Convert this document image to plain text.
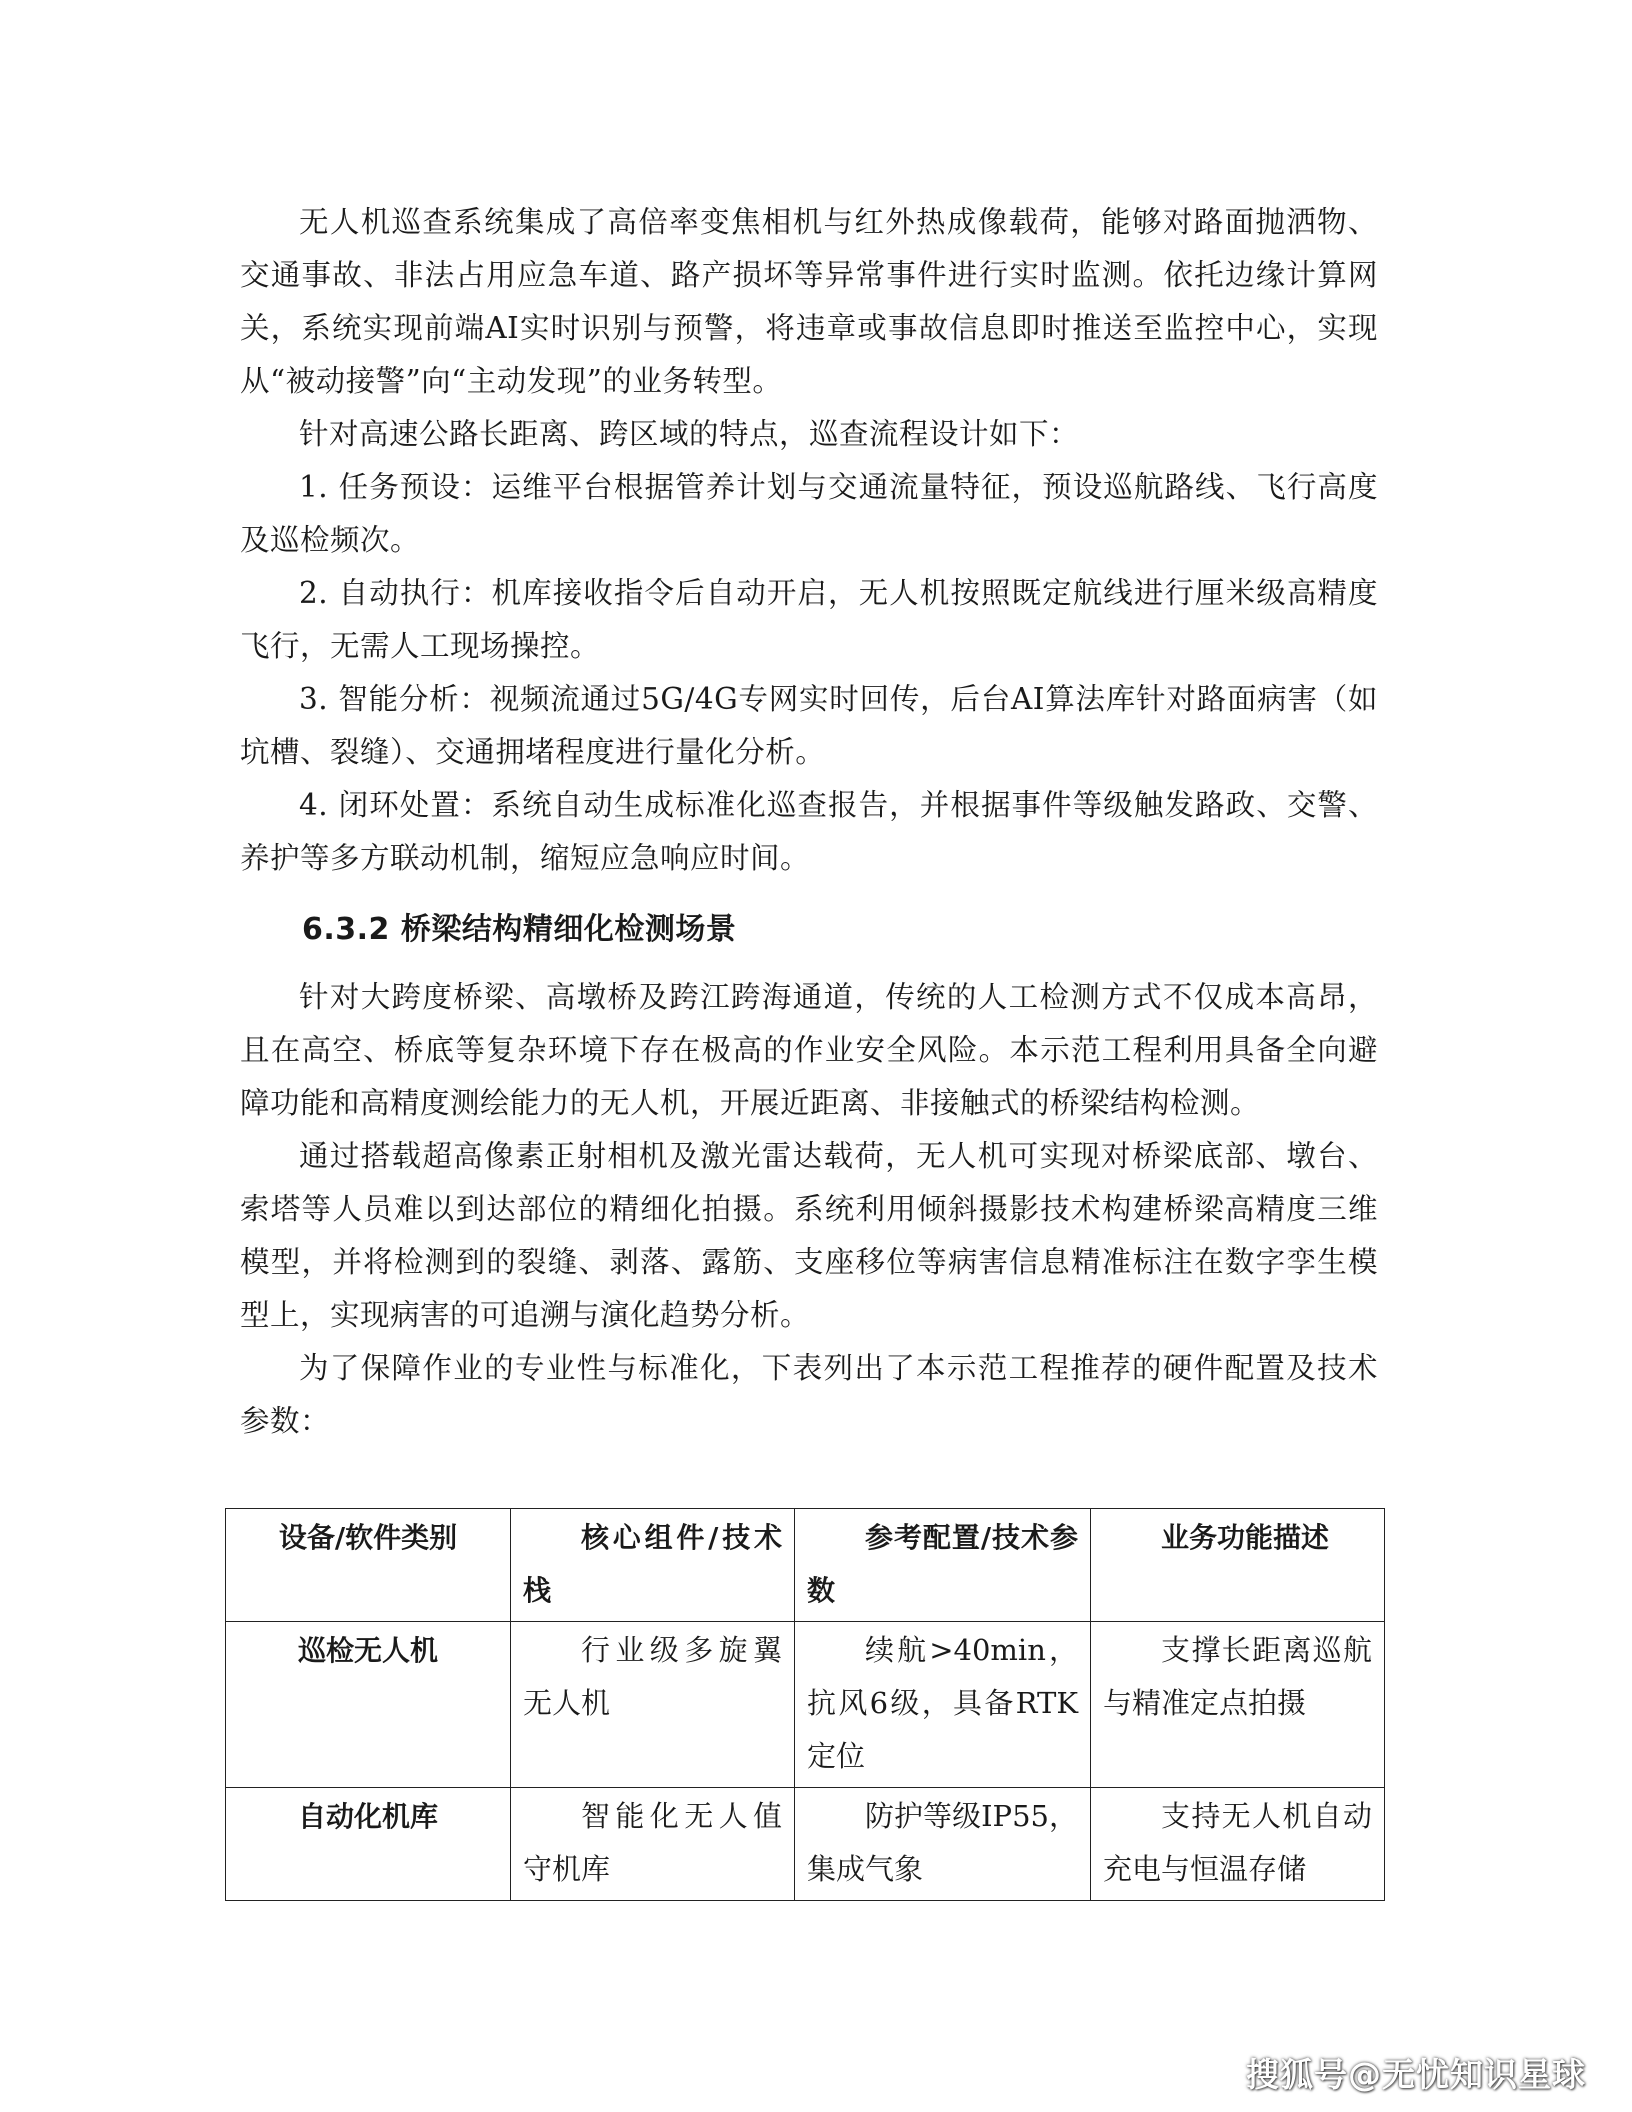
无人机巡查系统集成了高倍率变焦相机与红外热成像载荷，能够对路面抛洒物、交通事故、非法占用应急车道、路产损坏等异常事件进行实时监测。依托边缘计算网关，系统实现前端AI实时识别与预警，将违章或事故信息即时推送至监控中心，实现从“被动接警”向“主动发现”的业务转型。

针对高速公路长距离、跨区域的特点，巡查流程设计如下：

1. 任务预设：运维平台根据管养计划与交通流量特征，预设巡航路线、飞行高度及巡检频次。

2. 自动执行：机库接收指令后自动开启，无人机按照既定航线进行厘米级高精度飞行，无需人工现场操控。

3. 智能分析：视频流通过5G/4G专网实时回传，后台AI算法库针对路面病害（如坑槽、裂缝）、交通拥堵程度进行量化分析。

4. 闭环处置：系统自动生成标准化巡查报告，并根据事件等级触发路政、交警、养护等多方联动机制，缩短应急响应时间。

6.3.2 桥梁结构精细化检测场景

针对大跨度桥梁、高墩桥及跨江跨海通道，传统的人工检测方式不仅成本高昂，且在高空、桥底等复杂环境下存在极高的作业安全风险。本示范工程利用具备全向避障功能和高精度测绘能力的无人机，开展近距离、非接触式的桥梁结构检测。

通过搭载超高像素正射相机及激光雷达载荷，无人机可实现对桥梁底部、墩台、索塔等人员难以到达部位的精细化拍摄。系统利用倾斜摄影技术构建桥梁高精度三维模型，并将检测到的裂缝、剥落、露筋、支座移位等病害信息精准标注在数字孪生模型上，实现病害的可追溯与演化趋势分析。

为了保障作业的专业性与标准化，下表列出了本示范工程推荐的硬件配置及技术参数：

设备/软件类别	核心组件/技术栈	参考配置/技术参数	业务功能描述
巡检无人机	行业级多旋翼无人机	续航>40min，抗风6级，具备RTK定位	支撑长距离巡航与精准定点拍摄

自动化机库	智能化无人值守机库	防护等级IP55，集成气象	支持无人机自动充电与恒温存储
搜狐号@无忧知识星球
